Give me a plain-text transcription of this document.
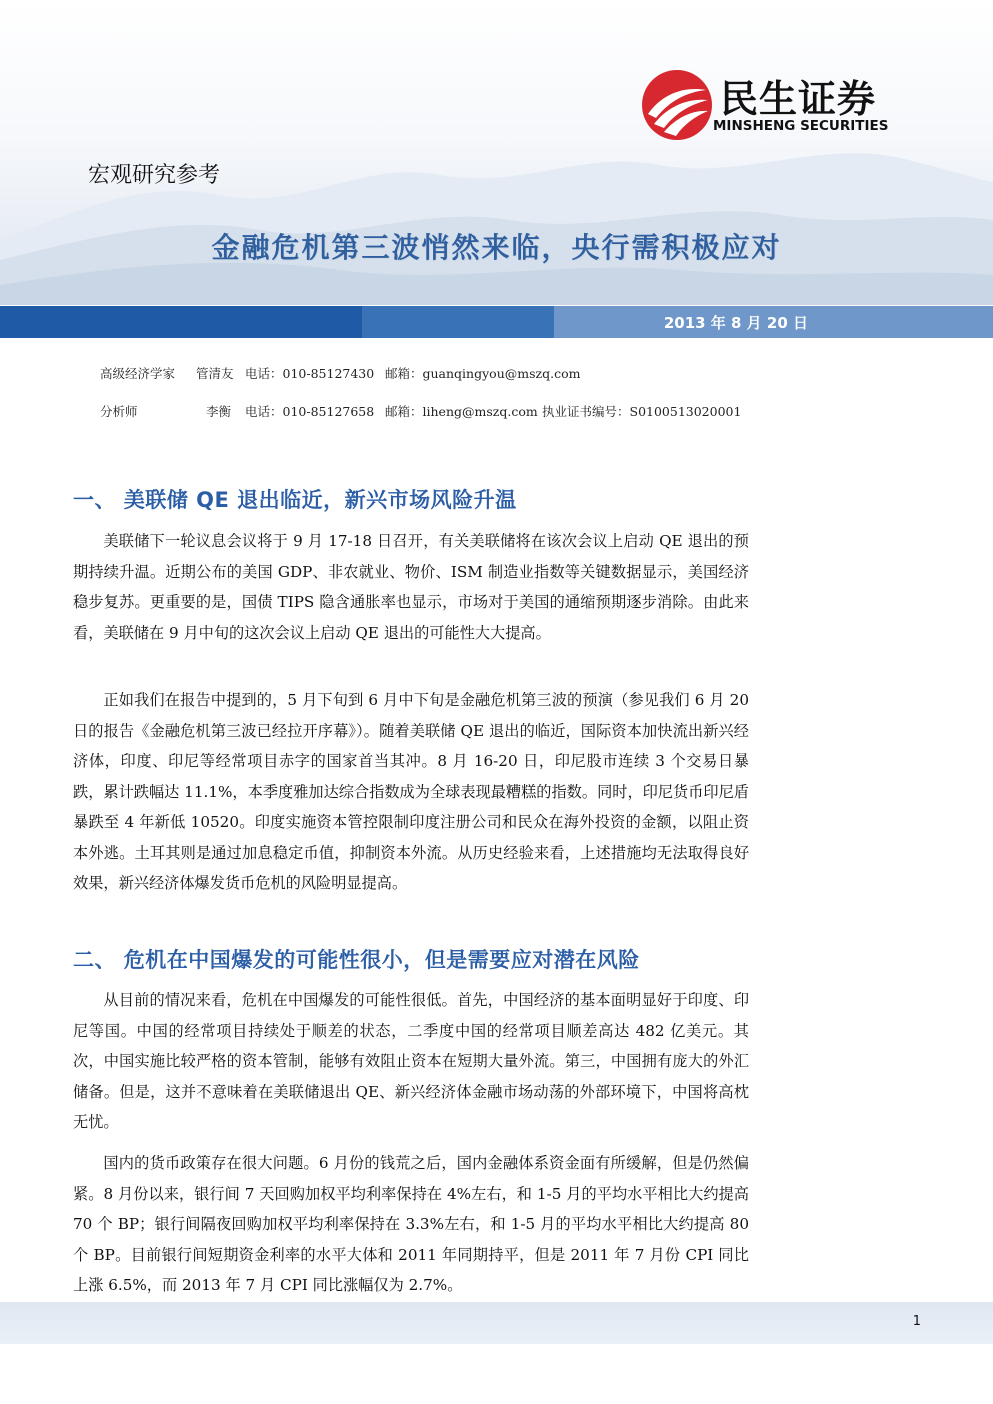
民生证券
MINSHENG SECURITIES
宏观研究参考
金融危机第三波悄然来临，央行需积极应对
2013 年 8 月 20 日
高级经济学家 管清友 电话：010-85127430 邮箱：guanqingyou@mszq.com
分析师	李衡 电话：010-85127658 邮箱：liheng@mszq.com 执业证书编号：S0100513020001
一、 美联储 QE 退出临近，新兴市场风险升温

美联储下一轮议息会议将于 9 月 17-18 日召开，有关美联储将在该次会议上启动 QE 退出的预期持续升温。近期公布的美国 GDP、非农就业、物价、ISM 制造业指数等关键数据显示，美国经济稳步复苏。更重要的是，国债 TIPS 隐含通胀率也显示，市场对于美国的通缩预期逐步消除。由此来看，美联储在 9 月中旬的这次会议上启动 QE 退出的可能性大大提高。

正如我们在报告中提到的，5 月下旬到 6 月中下旬是金融危机第三波的预演（参见我们 6 月 20 日的报告《金融危机第三波已经拉开序幕》）。随着美联储 QE 退出的临近，国际资本加快流出新兴经济体，印度、印尼等经常项目赤字的国家首当其冲。8 月 16-20 日，印尼股市连续 3 个交易日暴跌，累计跌幅达 11.1%，本季度雅加达综合指数成为全球表现最糟糕的指数。同时，印尼货币印尼盾暴跌至 4 年新低 10520。印度实施资本管控限制印度注册公司和民众在海外投资的金额，以阻止资本外逃。土耳其则是通过加息稳定币值，抑制资本外流。从历史经验来看，上述措施均无法取得良好效果，新兴经济体爆发货币危机的风险明显提高。

二、 危机在中国爆发的可能性很小，但是需要应对潜在风险

从目前的情况来看，危机在中国爆发的可能性很低。首先，中国经济的基本面明显好于印度、印尼等国。中国的经常项目持续处于顺差的状态，二季度中国的经常项目顺差高达 482 亿美元。其次，中国实施比较严格的资本管制，能够有效阻止资本在短期大量外流。第三，中国拥有庞大的外汇储备。但是，这并不意味着在美联储退出 QE、新兴经济体金融市场动荡的外部环境下，中国将高枕无忧。

国内的货币政策存在很大问题。6 月份的钱荒之后，国内金融体系资金面有所缓解，但是仍然偏紧。8 月份以来，银行间 7 天回购加权平均利率保持在 4%左右，和 1-5 月的平均水平相比大约提高 70 个 BP；银行间隔夜回购加权平均利率保持在 3.3%左右，和 1-5 月的平均水平相比大约提高 80 个 BP。目前银行间短期资金利率的水平大体和 2011 年同期持平，但是 2011 年 7 月份 CPI 同比上涨 6.5%，而 2013 年 7 月 CPI 同比涨幅仅为 2.7%。

1
